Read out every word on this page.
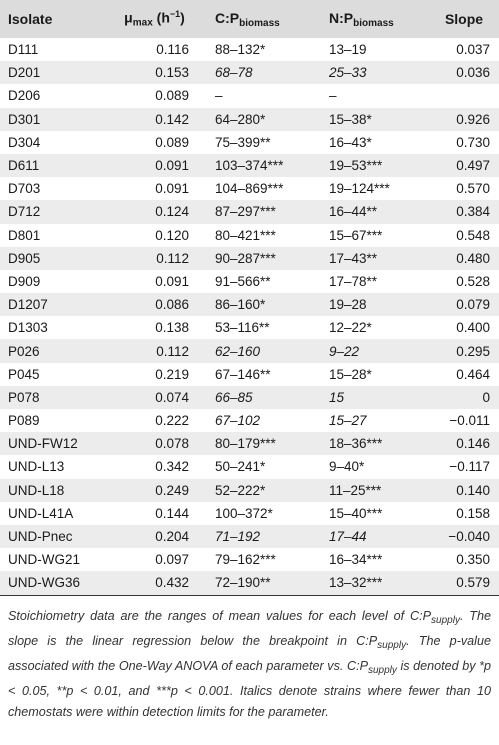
Isolate	$\mu_{max}$ $(h^{-1})$	$C:P_{biomass}$	$N:P_{biomass}$	Slope
D111	0.116	88–132*	13–19	0.037
D201	0.153	68–78	25–33	0.036
D206	0.089	–	–	
D301	0.142	64–280*	15–38*	0.926
D304	0.089	75–399**	16–43*	0.730
D611	0.091	103–374***	19–53***	0.497
D703	0.091	104–869***	19–124***	0.570
D712	0.124	87–297***	16–44**	0.384
D801	0.120	80–421***	15–67***	0.548
D905	0.112	90–287***	17–43**	0.480
D909	0.091	91–566**	17–78**	0.528
D1207	0.086	86–160*	19–28	0.079
D1303	0.138	53–116**	12–22*	0.400
P026	0.112	62–160	9–22	0.295
P045	0.219	67–146**	15–28*	0.464
P078	0.074	66–85	15	0
P089	0.222	67–102	15–27	−0.011
UND-FW12	0.078	80–179***	18–36***	0.146
UND-L13	0.342	50–241*	9–40*	−0.117
UND-L18	0.249	52–222*	11–25***	0.140
UND-L41A	0.144	100–372*	15–40***	0.158
UND-Pnec	0.204	71–192	17–44	−0.040
UND-WG21	0.097	79–162***	16–34***	0.350
UND-WG36	0.432	72–190**	13–32***	0.579
Stoichiometry data are the ranges of mean values for each level of $C:P_{supply}$. The slope is the linear regression below the breakpoint in $C:P_{supply}$. The p-value associated with the One-Way ANOVA of each parameter vs. $C:P_{supply}$ is denoted by *p < 0.05, **p < 0.01, and ***p < 0.001. Italics denote strains where fewer than 10 chemostats were within detection limits for the parameter.
